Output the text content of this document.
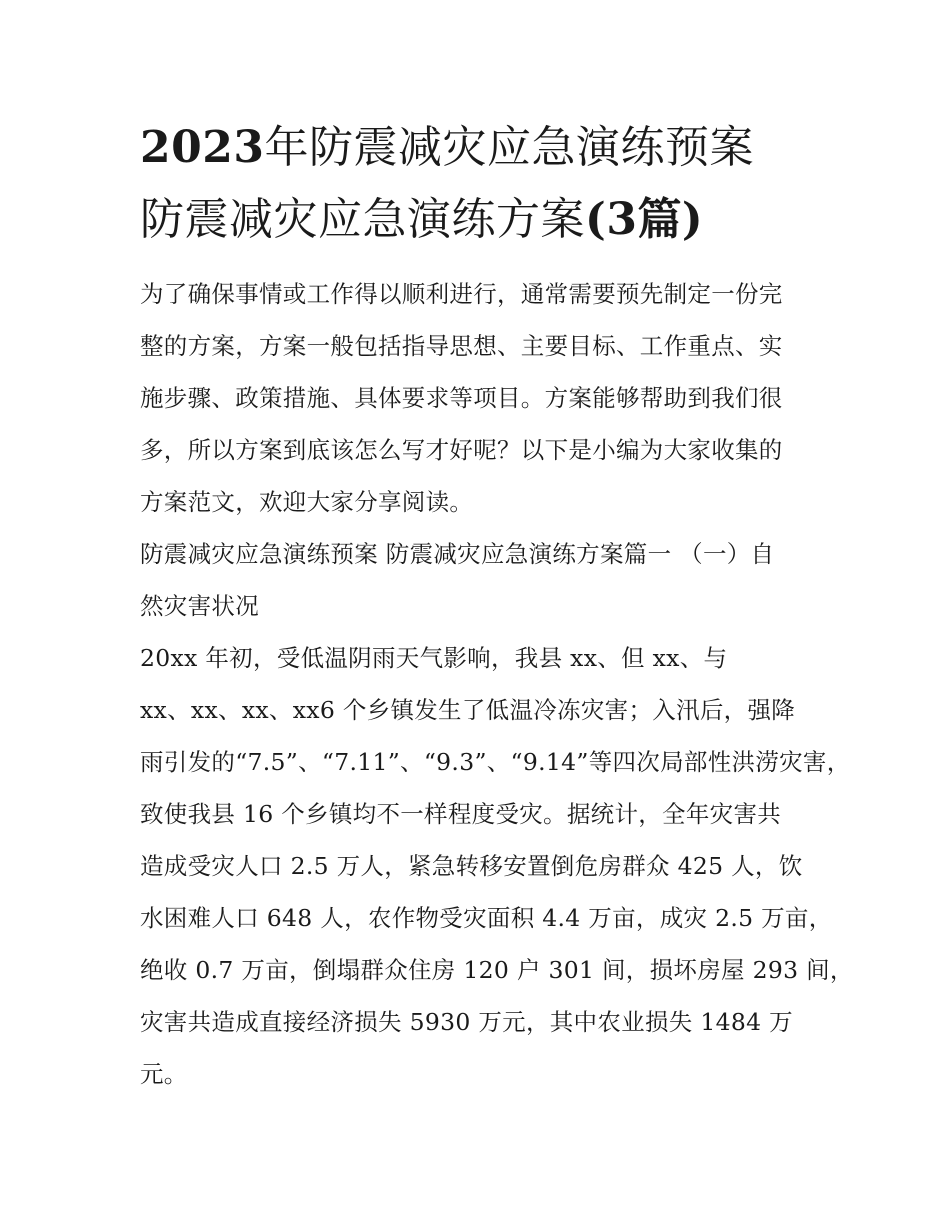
2023年防震减灾应急演练预案
防震减灾应急演练方案(3篇)

为了确保事情或工作得以顺利进行，通常需要预先制定一份完
整的方案，方案一般包括指导思想、主要目标、工作重点、实
施步骤、政策措施、具体要求等项目。方案能够帮助到我们很
多，所以方案到底该怎么写才好呢？以下是小编为大家收集的
方案范文，欢迎大家分享阅读。

防震减灾应急演练预案 防震减灾应急演练方案篇一 （一）自
然灾害状况

20xx 年初，受低温阴雨天气影响，我县 xx、但 xx、与
xx、xx、xx、xx6 个乡镇发生了低温冷冻灾害；入汛后，强降
雨引发的“7.5”、“7.11”、“9.3”、“9.14”等四次局部性洪涝灾害，
致使我县 16 个乡镇均不一样程度受灾。据统计，全年灾害共
造成受灾人口 2.5 万人，紧急转移安置倒危房群众 425 人，饮
水困难人口 648 人，农作物受灾面积 4.4 万亩，成灾 2.5 万亩，
绝收 0.7 万亩，倒塌群众住房 120 户 301 间，损坏房屋 293 间，
灾害共造成直接经济损失 5930 万元，其中农业损失 1484 万
元。
